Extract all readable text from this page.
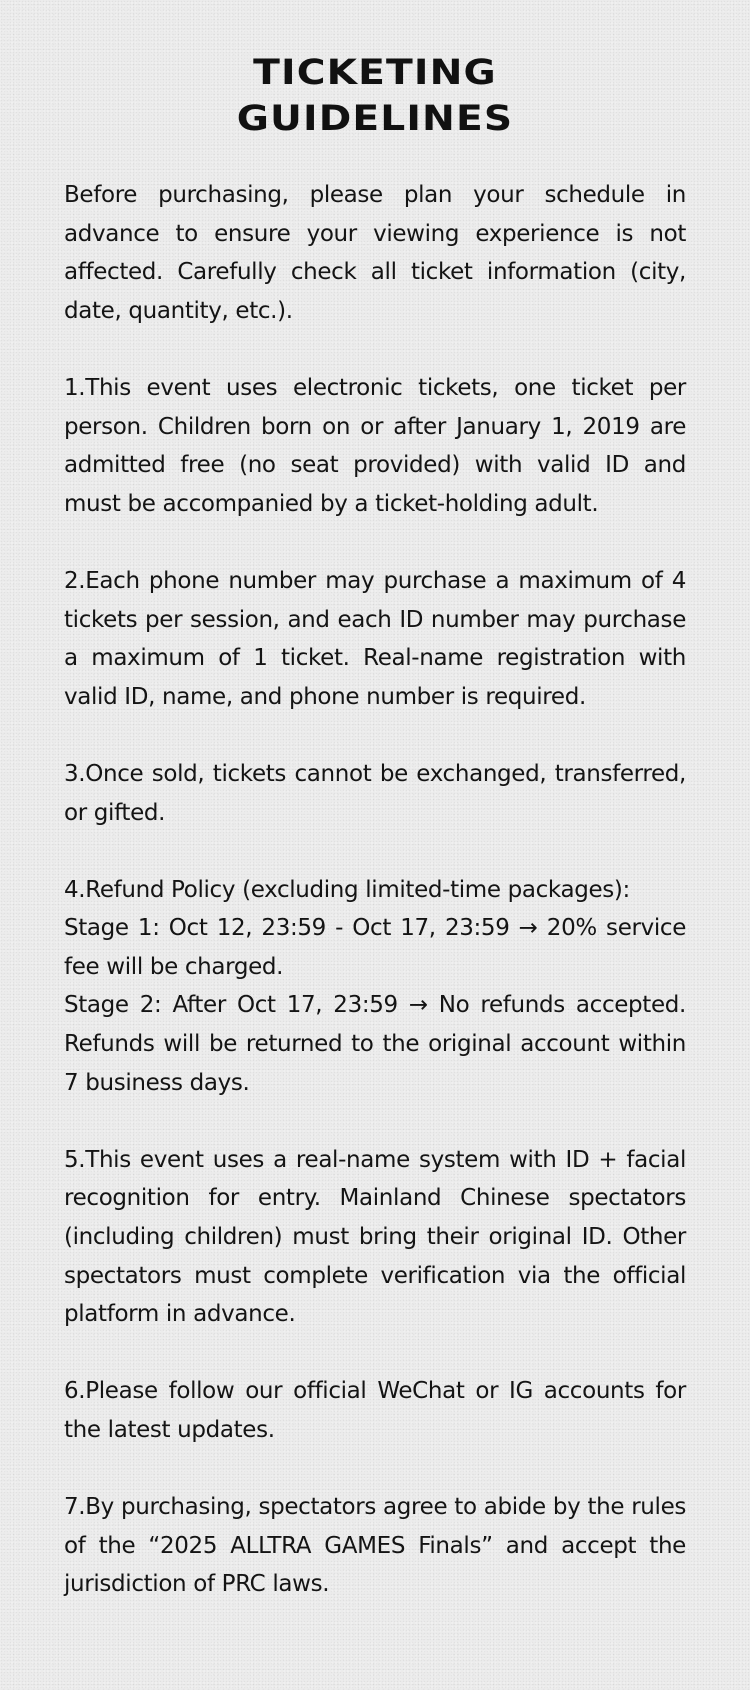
TICKETING
GUIDELINES

Before purchasing, please plan your schedule in advance to ensure your viewing experience is not affected. Carefully check all ticket information (city, date, quantity, etc.).

1.This event uses electronic tickets, one ticket per person. Children born on or after January 1, 2019 are admitted free (no seat provided) with valid ID and must be accompanied by a ticket-holding adult.

2.Each phone number may purchase a maximum of 4 tickets per session, and each ID number may purchase a maximum of 1 ticket. Real-name registration with valid ID, name, and phone number is required.

3.Once sold, tickets cannot be exchanged, transferred, or gifted.

4.Refund Policy (excluding limited-time packages):
Stage 1: Oct 12, 23:59 - Oct 17, 23:59 → 20% service fee will be charged.
Stage 2: After Oct 17, 23:59 → No refunds accepted. Refunds will be returned to the original account within 7 business days.

5.This event uses a real-name system with ID + facial recognition for entry. Mainland Chinese spectators (including children) must bring their original ID. Other spectators must complete verification via the official platform in advance.

6.Please follow our official WeChat or IG accounts for the latest updates.

7.By purchasing, spectators agree to abide by the rules of the “2025 ALLTRA GAMES Finals” and accept the jurisdiction of PRC laws.
